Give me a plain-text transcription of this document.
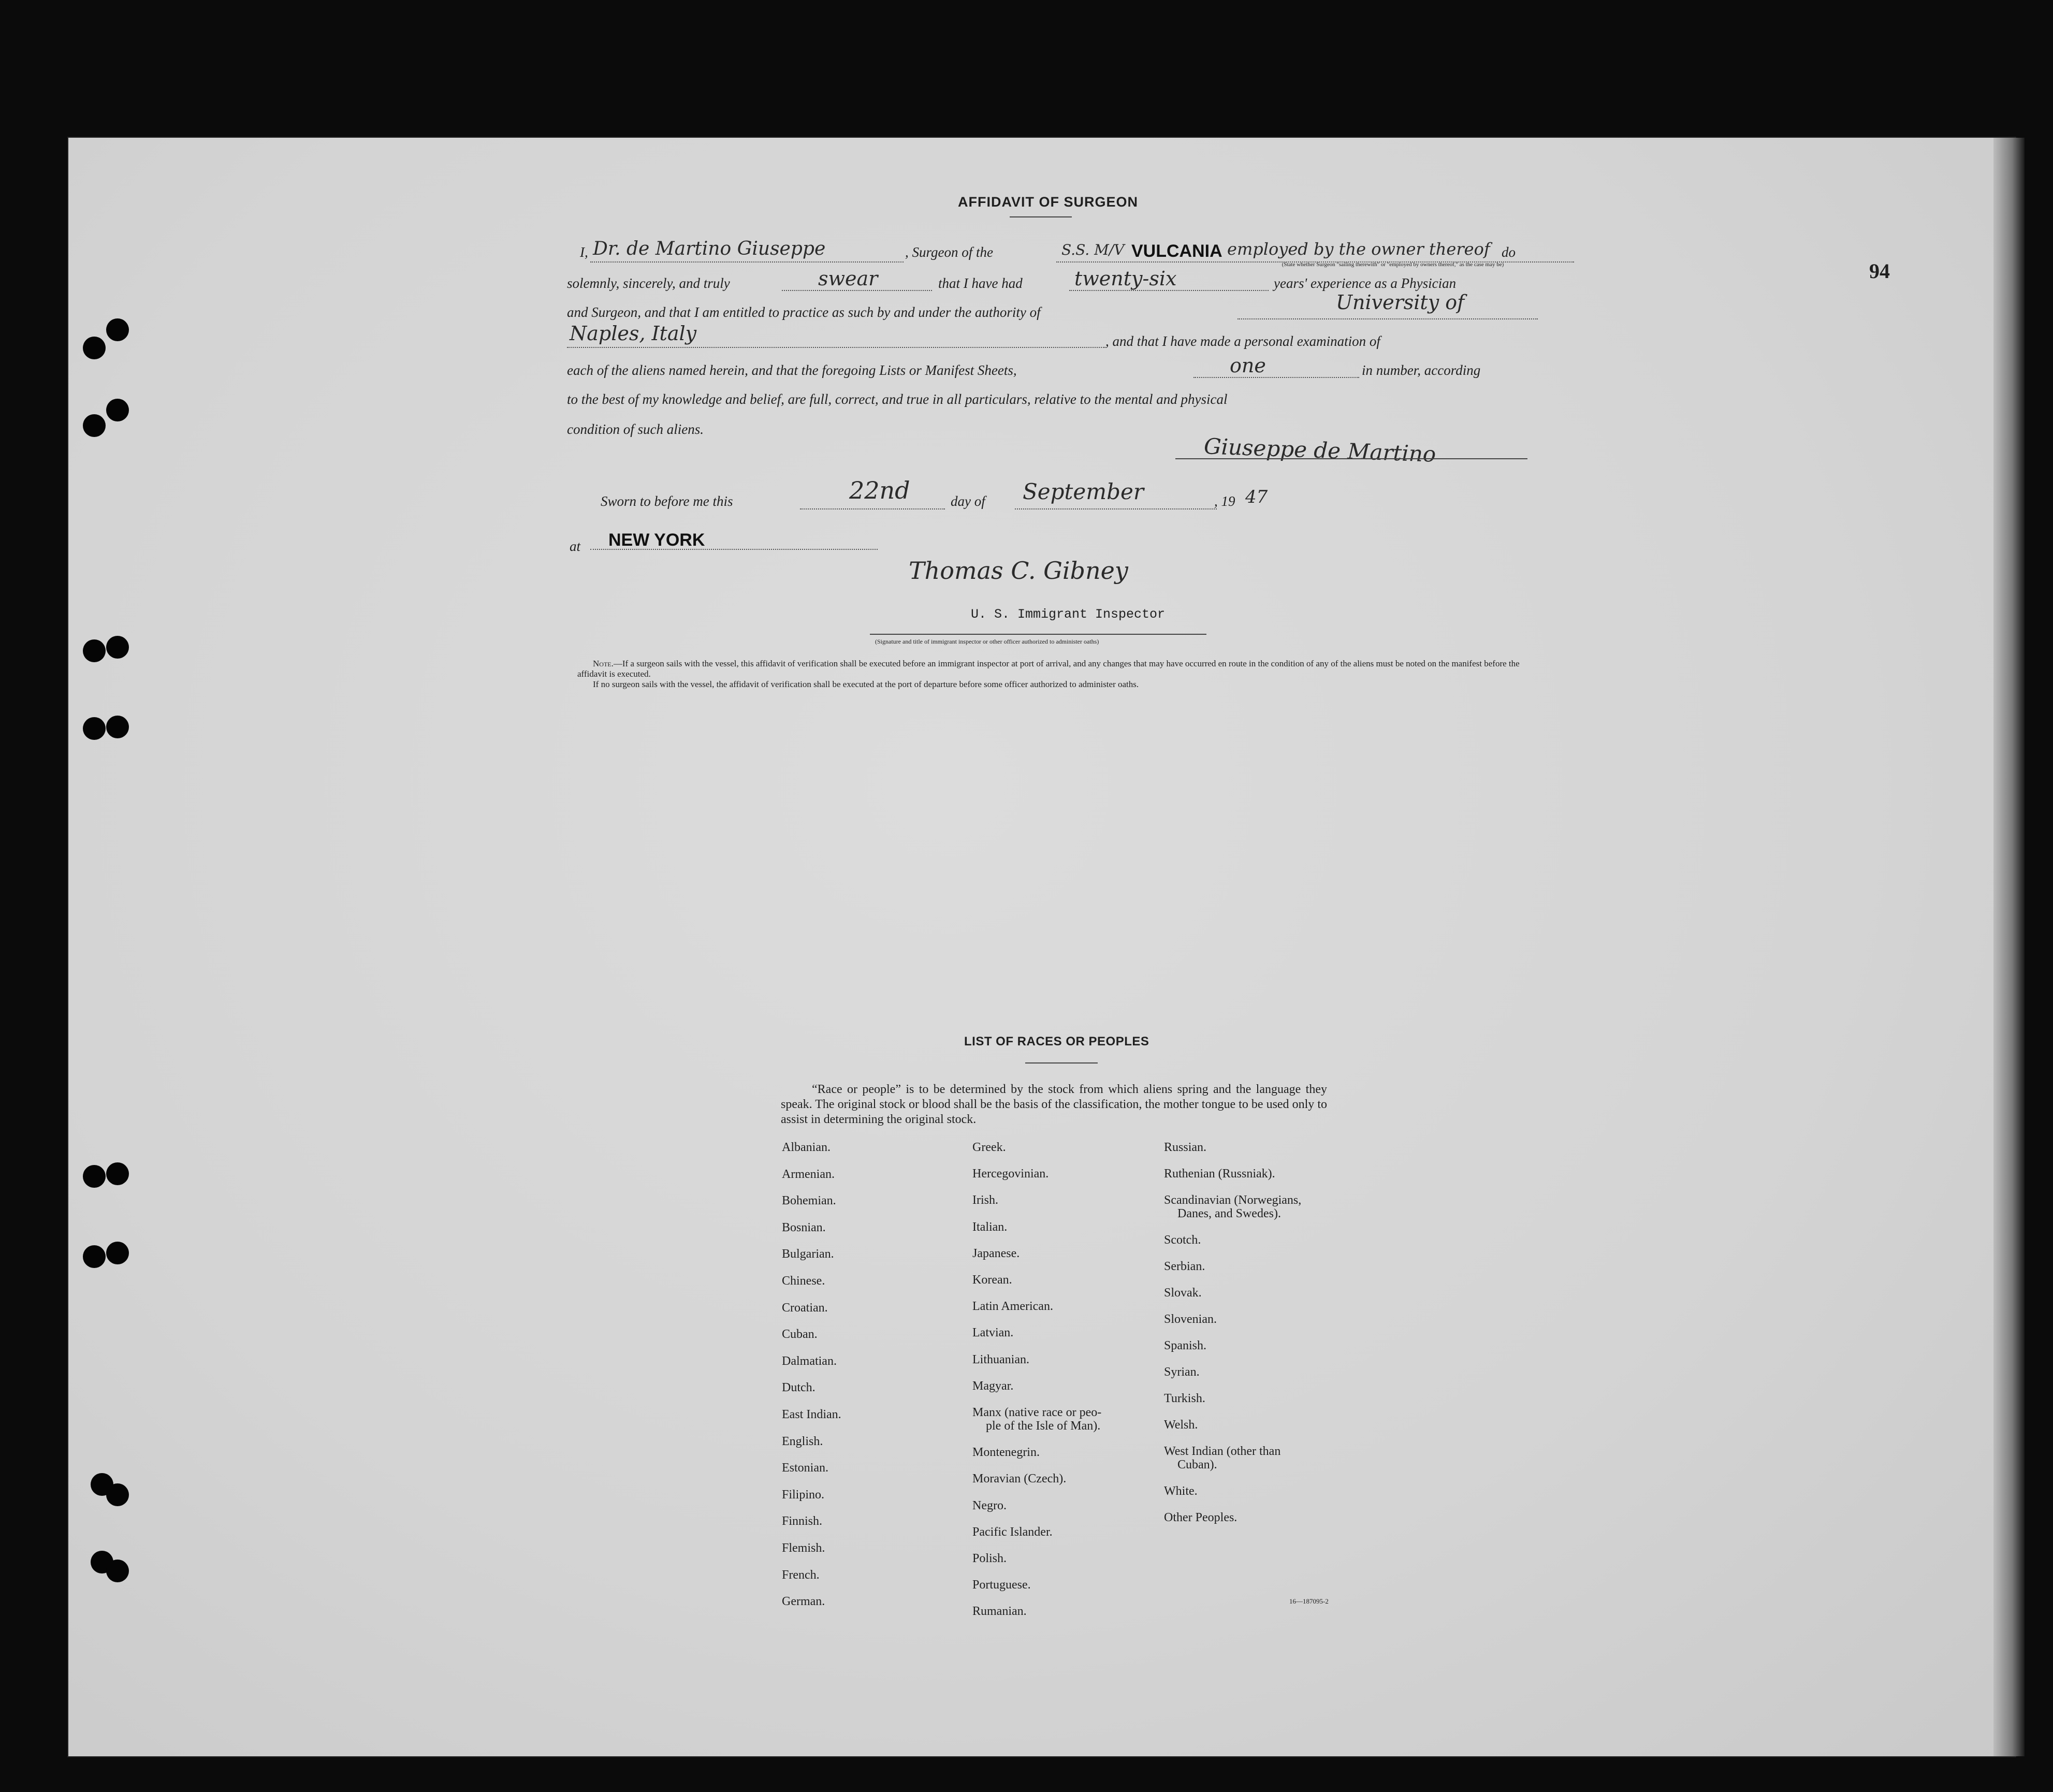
94
AFFIDAVIT OF SURGEON
I, Dr. de Martino Giuseppe	, Surgeon of the	S.S. M/V VULCANIA employed by the owner thereof do
(State whether Surgeon "sailing therewith" or "employed by owners thereof," as the case may be)
solemnly, sincerely, and truly	swear	that I have had	twenty-six	years' experience as a Physician
and Surgeon, and that I am entitled to practice as such by and under the authority of	University of
Naples, Italy	, and that I have made a personal examination of
each of the aliens named herein, and that the foregoing Lists or Manifest Sheets,	one	in number, according
to the best of my knowledge and belief, are full, correct, and true in all particulars, relative to the mental and physical
condition of such aliens.
Giuseppe de Martino
Sworn to before me this	22nd	day of September	, 19 47
at NEW YORK
Thomas C. Gibney
U. S. Immigrant Inspector
(Signature and title of immigrant inspector or other officer authorized to administer oaths)
Note.—If a surgeon sails with the vessel, this affidavit of verification shall be executed before an immigrant inspector at port of arrival, and any changes that may have occurred en route in the condition of any of the aliens must be noted on the manifest before the affidavit is executed.
If no surgeon sails with the vessel, the affidavit of verification shall be executed at the port of departure before some officer authorized to administer oaths.
LIST OF RACES OR PEOPLES
“Race or people” is to be determined by the stock from which aliens spring and the language they speak. The original stock or blood shall be the basis of the classification, the mother tongue to be used only to assist in determining the original stock.
Albanian.
Armenian.
Bohemian.
Bosnian.
Bulgarian.
Chinese.
Croatian.
Cuban.
Dalmatian.
Dutch.
East Indian.
English.
Estonian.
Filipino.
Finnish.
Flemish.
French.
German.
Greek.
Hercegovinian.
Irish.
Italian.
Japanese.
Korean.
Latin American.
Latvian.
Lithuanian.
Magyar.
Manx (native race or peo-
ple of the Isle of Man).
Montenegrin.
Moravian (Czech).
Negro.
Pacific Islander.
Polish.
Portuguese.
Rumanian.
Russian.
Ruthenian (Russniak).
Scandinavian (Norwegians,
Danes, and Swedes).
Scotch.
Serbian.
Slovak.
Slovenian.
Spanish.
Syrian.
Turkish.
Welsh.
West Indian (other than
Cuban).
White.
Other Peoples.
16—187095-2
